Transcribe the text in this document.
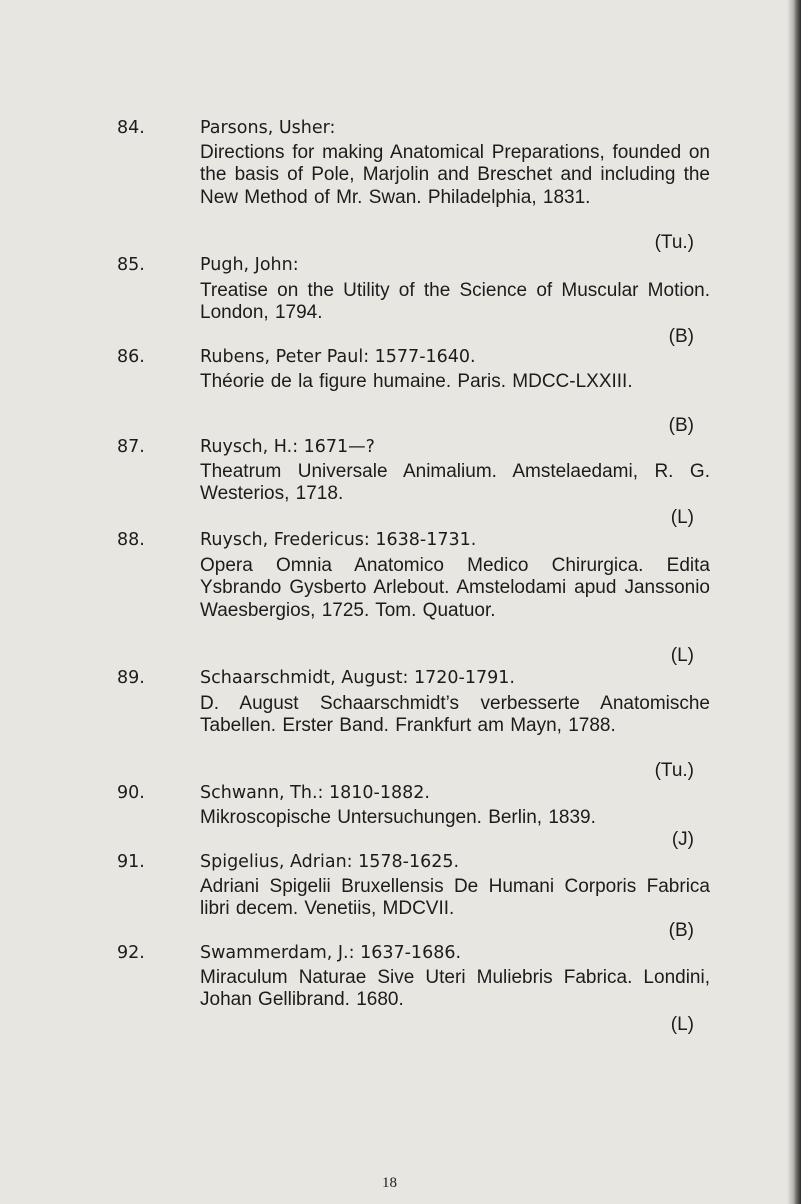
84.	Parsons, Usher:
Directions for making Anatomical Preparations, founded on the basis of Pole, Marjolin and Breschet and including the New Method of Mr. Swan. Philadelphia, 1831.
(Tu.)
85.	Pugh, John:
Treatise on the Utility of the Science of Muscular Motion. London, 1794.
(B)
86.	Rubens, Peter Paul: 1577-1640.
Théorie de la figure humaine. Paris. MDCC-LXXIII.
(B)
87.	Ruysch, H.: 1671—?
Theatrum Universale Animalium. Amstelaedami, R. G. Westerios, 1718.
(L)
88.	Ruysch, Fredericus: 1638-1731.
Opera Omnia Anatomico Medico Chirurgica. Edita Ysbrando Gysberto Arlebout. Amstelodami apud Janssonio Waesbergios, 1725. Tom. Quatuor.
(L)
89.	Schaarschmidt, August: 1720-1791.
D. August Schaarschmidt’s verbesserte Anatomische Tabellen. Erster Band. Frankfurt am Mayn, 1788.
(Tu.)
90.	Schwann, Th.: 1810-1882.
Mikroscopische Untersuchungen. Berlin, 1839.
(J)
91.	Spigelius, Adrian: 1578-1625.
Adriani Spigelii Bruxellensis De Humani Corporis Fabrica libri decem. Venetiis, MDCVII.
(B)
92.	Swammerdam, J.: 1637-1686.
Miraculum Naturae Sive Uteri Muliebris Fabrica. Londini, Johan Gellibrand. 1680.
(L)
18
